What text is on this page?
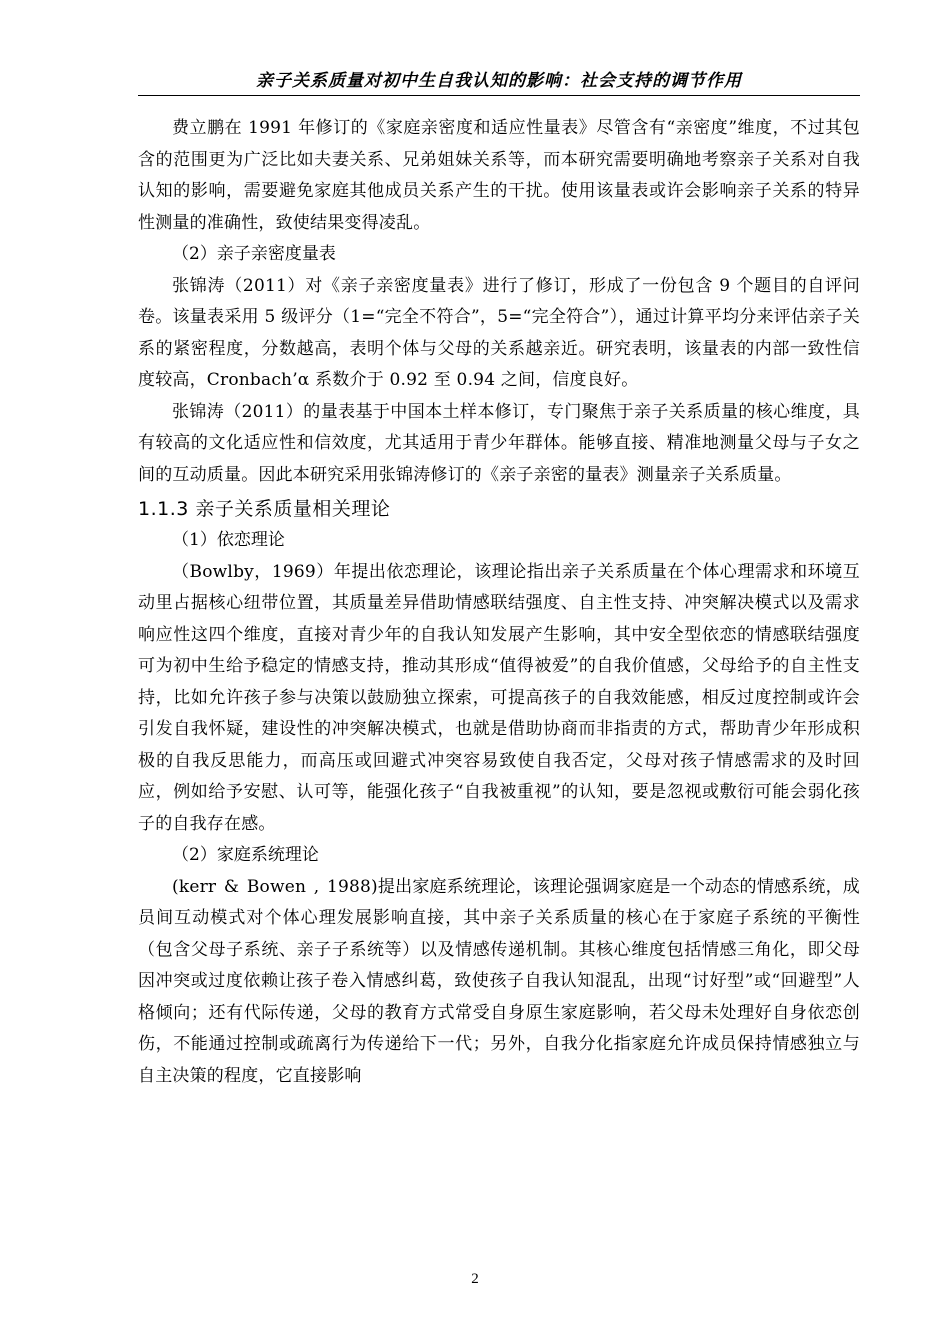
亲子关系质量对初中生自我认知的影响：社会支持的调节作用

费立鹏在 1991 年修订的《家庭亲密度和适应性量表》尽管含有“亲密度”维度，不过其包含的范围更为广泛比如夫妻关系、兄弟姐妹关系等，而本研究需要明确地考察亲子关系对自我认知的影响，需要避免家庭其他成员关系产生的干扰。使用该量表或许会影响亲子关系的特异性测量的准确性，致使结果变得凌乱。

（2）亲子亲密度量表

张锦涛（2011）对《亲子亲密度量表》进行了修订，形成了一份包含 9 个题目的自评问卷。该量表采用 5 级评分（1=“完全不符合”，5=“完全符合”），通过计算平均分来评估亲子关系的紧密程度，分数越高，表明个体与父母的关系越亲近。研究表明，该量表的内部一致性信度较高，Cronbach’α 系数介于 0.92 至 0.94 之间，信度良好。

张锦涛（2011）的量表基于中国本土样本修订，专门聚焦于亲子关系质量的核心维度，具有较高的文化适应性和信效度，尤其适用于青少年群体。能够直接、精准地测量父母与子女之间的互动质量。因此本研究采用张锦涛修订的《亲子亲密的量表》测量亲子关系质量。

1.1.3 亲子关系质量相关理论

（1）依恋理论

（Bowlby，1969）年提出依恋理论，该理论指出亲子关系质量在个体心理需求和环境互动里占据核心纽带位置，其质量差异借助情感联结强度、自主性支持、冲突解决模式以及需求响应性这四个维度，直接对青少年的自我认知发展产生影响，其中安全型依恋的情感联结强度可为初中生给予稳定的情感支持，推动其形成“值得被爱”的自我价值感，父母给予的自主性支持，比如允许孩子参与决策以鼓励独立探索，可提高孩子的自我效能感，相反过度控制或许会引发自我怀疑，建设性的冲突解决模式，也就是借助协商而非指责的方式，帮助青少年形成积极的自我反思能力，而高压或回避式冲突容易致使自我否定，父母对孩子情感需求的及时回应，例如给予安慰、认可等，能强化孩子“自我被重视”的认知，要是忽视或敷衍可能会弱化孩子的自我存在感。

（2）家庭系统理论

(kerr & Bowen , 1988)提出家庭系统理论，该理论强调家庭是一个动态的情感系统，成员间互动模式对个体心理发展影响直接，其中亲子关系质量的核心在于家庭子系统的平衡性（包含父母子系统、亲子子系统等）以及情感传递机制。其核心维度包括情感三角化，即父母因冲突或过度依赖让孩子卷入情感纠葛，致使孩子自我认知混乱，出现“讨好型”或“回避型”人格倾向；还有代际传递，父母的教育方式常受自身原生家庭影响，若父母未处理好自身依恋创伤，不能通过控制或疏离行为传递给下一代；另外，自我分化指家庭允许成员保持情感独立与自主决策的程度，它直接影响

2
